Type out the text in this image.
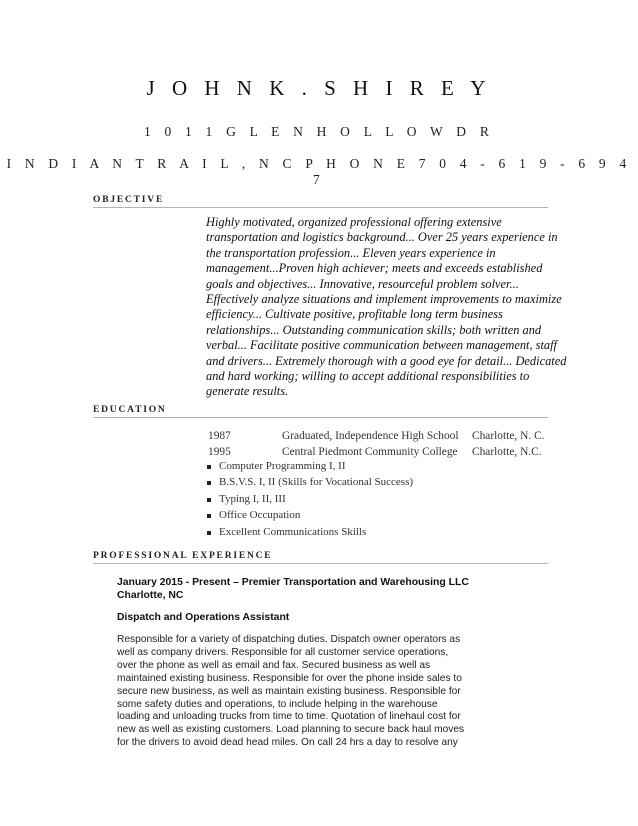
J O H N K . S H I R E Y
1 0 1 1 G L E N H O L L O W D R
I N D I A N T R A I L , N C P H O N E 7 0 4 - 6 1 9 - 6 9 4 7
OBJECTIVE
Highly motivated, organized professional offering extensive
transportation and logistics background... Over 25 years experience in
the transportation profession... Eleven years experience in
management...Proven high achiever; meets and exceeds established
goals and objectives... Innovative, resourceful problem solver...
Effectively analyze situations and implement improvements to maximize
efficiency... Cultivate positive, profitable long term business
relationships... Outstanding communication skills; both written and
verbal... Facilitate positive communication between management, staff
and drivers... Extremely thorough with a good eye for detail... Dedicated
and hard working; willing to accept additional responsibilities to
generate results.
EDUCATION
1987	Graduated, Independence High School Charlotte, N. C.
1995	Central Piedmont Community College Charlotte, N.C.
Computer Programming I, II
B.S.V.S. I, II (Skills for Vocational Success)
Typing I, II, III
Office Occupation
Excellent Communications Skills
PROFESSIONAL EXPERIENCE
January 2015 - Present – Premier Transportation and Warehousing LLC
Charlotte, NC
Dispatch and Operations Assistant
Responsible for a variety of dispatching duties. Dispatch owner operators as
well as company drivers. Responsible for all customer service operations,
over the phone as well as email and fax. Secured business as well as
maintained existing business. Responsible for over the phone inside sales to
secure new business, as well as maintain existing business. Responsible for
some safety duties and operations, to include helping in the warehouse
loading and unloading trucks from time to time. Quotation of linehaul cost for
new as well as existing customers. Load planning to secure back haul moves
for the drivers to avoid dead head miles. On call 24 hrs a day to resolve any
